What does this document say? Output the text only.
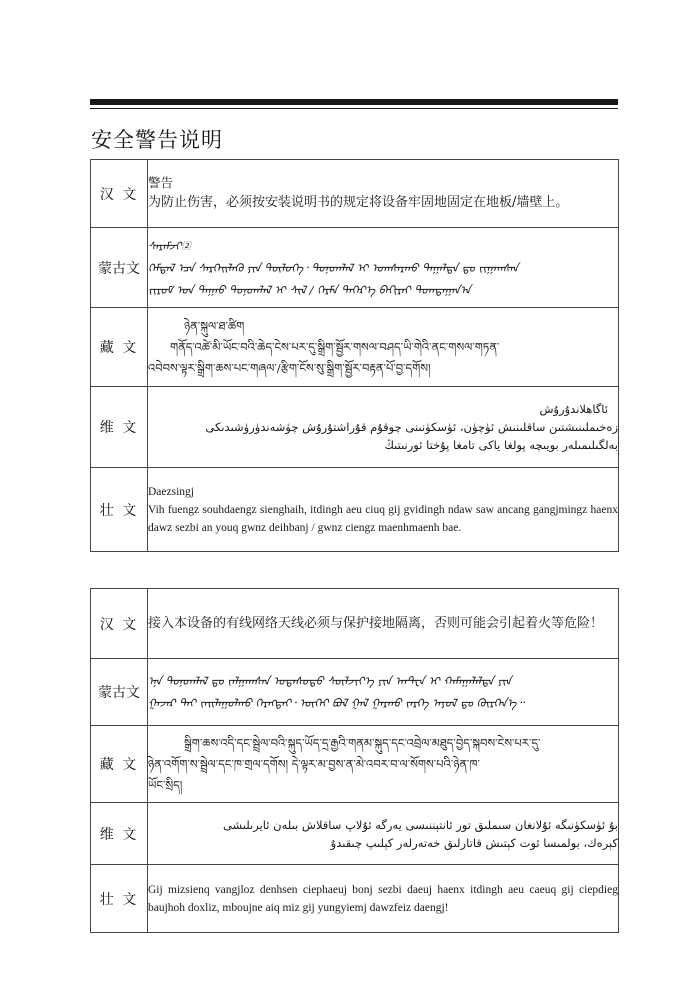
安全警告说明
汉 文	警告
为防止伤害，必须按安装说明书的规定将设备牢固地固定在地板/墙壁上。

蒙古文	ᠰᠡᠷᠡᠮᠵᠢ᠌
ᠭᠡᠮᠲᠡᠯ ᠡᠴᠡ ᠰᠡᠷᠭᠡᠢᠯᠡᠬᠦ ᠶᠢᠨ ᠲᠥᠯᠦᠭᠡ᠂ ᠲᠣᠨᠣᠭᠯᠠᠯ ᠢ ᠤᠭᠰᠠᠷᠬᠤ ᠳᠠᠭᠠᠯᠲᠠ ᠳᠤ ᠵᠢᠭᠠᠭᠰᠠᠨ
ᠵᠢᠷᠤᠮ ᠤᠨ ᠳᠠᠭᠠᠤ ᠲᠣᠨᠣᠭᠯᠠᠯ ᠢ ᠰᠢᠯ / ᠬᠡᠷᠮᠡ ᠳᠡᠭᠡᠷ᠎ᠡ ᠪᠠᠬᠢᠷᠠᠢ ᠲᠣᠭᠲᠠᠭᠠᠨ᠎ᠠ

藏 文	ཉེན་སྐུལ་ཐ་ཚིག
གནོད་འཚེ་མི་ཡོང་བའི་ཆེད་ངེས་པར་དུ་སྒྲིག་སྦྱོར་གསལ་བཤད་ཡི་གེའི་ནང་གསལ་གཏན་
འབེབས་ལྟར་སྒྲིག་ཆས་པང་གཞལ་/རྩིག་ངོས་སུ་སྒྲིག་སྦྱོར་བརྟན་པོ་བྱ་དགོས།

维 文	ئاگاھلاندۇرۇش
زەخىملىنىشتىن ساقلىنىش ئۈچۈن، ئۈسكۈنىنى چوقۇم قۇراشتۇرۇش چۈشەندۈرۈشىدىكى
بەلگىلىمىلەر بويىچە پولغا ياكى تامغا پۇختا ئورنىتىڭ

壮 文	Daezsingj
Vih fuengz souhdaengz sienghaih, itdingh aeu ciuq gij gvidingh ndaw saw ancang gangjmingz haenx dawz sezbi an youq gwnz deihbanj / gwnz ciengz maenhmaenh bae.
汉 文	接入本设备的有线网络天线必须与保护接地隔离，否则可能会引起着火等危险！

蒙古文	ᠡᠨᠡ ᠲᠣᠨᠣᠭᠯᠠᠯ ᠳᠤ ᠵᠠᠯᠭᠠᠭᠰᠠᠨ ᠤᠲᠠᠰᠤᠲᠤ ᠰᠦᠯᠵᠢᠶ᠎ᠡ ᠶᠢᠨ ᠠᠨᠲ᠋ᠧᠨ ᠢ ᠬᠠᠮᠠᠭᠠᠯᠠᠯᠲᠠ ᠶᠢᠨ
ᠭᠠᠵᠠᠷ ᠲᠠᠢ ᠵᠠᠢᠯᠠᠭᠤᠯᠬᠤ ᠬᠡᠷᠡᠭᠲᠡᠢ᠂ ᠦᠭᠡᠢ ᠪᠣᠯ ᠭᠠᠯ ᠭᠠᠷᠬᠤ ᠵᠡᠷᠭᠡ ᠠᠶᠤᠯ ᠳᠤ ᠬᠦᠷᠭᠡᠨ᠎ᠡ᠃

藏 文	སྒྲིག་ཆས་འདི་དང་སྦྲེལ་བའི་སྐུད་ཡོད་དྲ་རྒྱའི་གནམ་སྐུད་དང་འབྲེལ་མཐུད་བྱེད་སྐབས་ངེས་པར་དུ་
ཉེན་འགོག་ས་སྦྲེལ་དང་ཁ་གྲལ་དགོས། དེ་ལྟར་མ་བྱས་ན་མེ་འབར་བ་ལ་སོགས་པའི་ཉེན་ཁ་
ཡོང་སྲིད།

维 文	بۇ ئۈسكۈنىگە ئۇلانغان سىملىق تور ئانتېننىسى يەرگە ئۇلاپ ساقلاش بىلەن ئايرىلىشى
كېرەك، بولمىسا ئوت كېتىش قاتارلىق خەتەرلەر كېلىپ چىقىدۇ

壮 文	Gij mizsienq vangjloz denhsen ciephaeuj bonj sezbi daeuj haenx itdingh aeu caeuq gij ciepdieg baujhoh doxliz, mboujne aiq miz gij yungyiemj dawzfeiz daengj!
